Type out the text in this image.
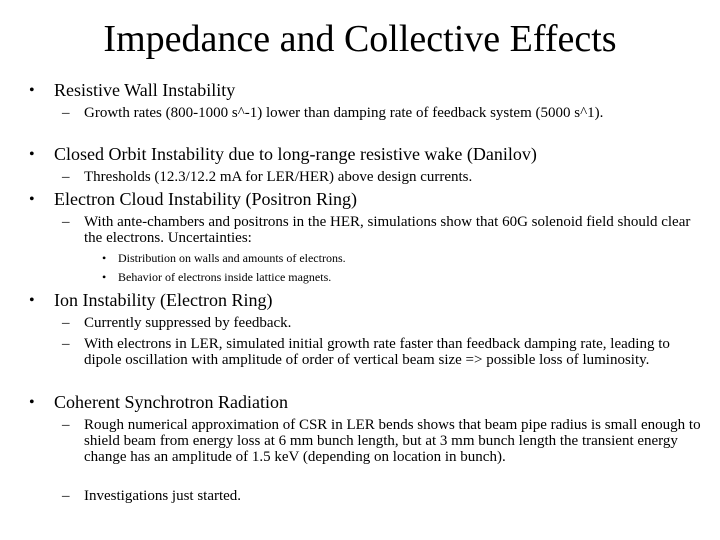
Impedance and Collective Effects
• Resistive Wall Instability
– Growth rates (800-1000 s^-1) lower than damping rate of feedback system (5000 s^1).
• Closed Orbit Instability due to long-range resistive wake (Danilov)
– Thresholds (12.3/12.2 mA for LER/HER) above design currents.
• Electron Cloud Instability (Positron Ring)
– With ante-chambers and positrons in the HER, simulations show that 60G solenoid field should clear the electrons. Uncertainties:
• Distribution on walls and amounts of electrons.
• Behavior of electrons inside lattice magnets.
• Ion Instability (Electron Ring)
– Currently suppressed by feedback.
– With electrons in LER, simulated initial growth rate faster than feedback damping rate, leading to dipole oscillation with amplitude of order of vertical beam size => possible loss of luminosity.
• Coherent Synchrotron Radiation
– Rough numerical approximation of CSR in LER bends shows that beam pipe radius is small enough to shield beam from energy loss at 6 mm bunch length, but at 3 mm bunch length the transient energy change has an amplitude of 1.5 keV (depending on location in bunch).
– Investigations just started.
